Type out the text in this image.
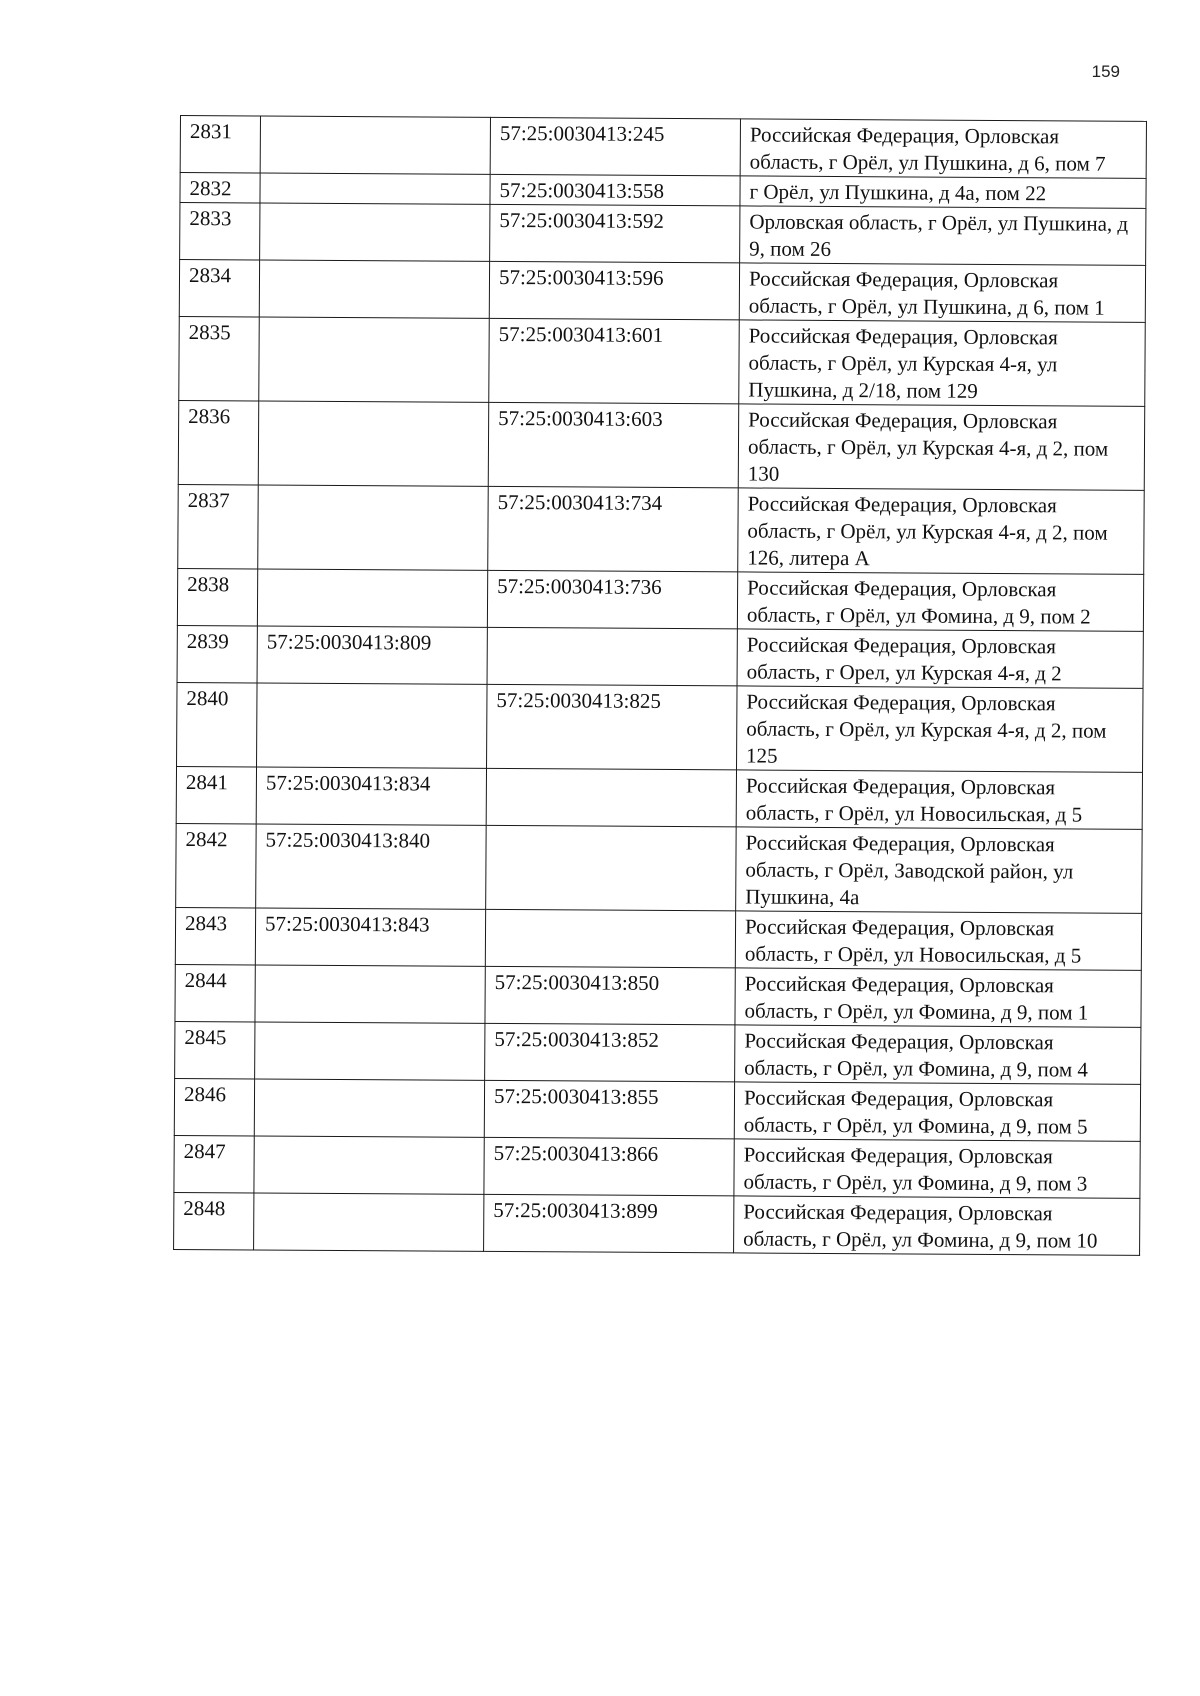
159
2831		57:25:0030413:245	Российская Федерация, Орловская область, г Орёл, ул Пушкина, д 6, пом 7
2832		57:25:0030413:558	г Орёл, ул Пушкина, д 4а, пом 22
2833		57:25:0030413:592	Орловская область, г Орёл, ул Пушкина, д 9, пом 26
2834		57:25:0030413:596	Российская Федерация, Орловская область, г Орёл, ул Пушкина, д 6, пом 1
2835		57:25:0030413:601	Российская Федерация, Орловская область, г Орёл, ул Курская 4-я, ул Пушкина, д 2/18, пом 129
2836		57:25:0030413:603	Российская Федерация, Орловская область, г Орёл, ул Курская 4-я, д 2, пом 130
2837		57:25:0030413:734	Российская Федерация, Орловская область, г Орёл, ул Курская 4-я, д 2, пом 126, литера А
2838		57:25:0030413:736	Российская Федерация, Орловская область, г Орёл, ул Фомина, д 9, пом 2
2839	57:25:0030413:809		Российская Федерация, Орловская область, г Орел, ул Курская 4-я, д 2
2840		57:25:0030413:825	Российская Федерация, Орловская область, г Орёл, ул Курская 4-я, д 2, пом 125
2841	57:25:0030413:834		Российская Федерация, Орловская область, г Орёл, ул Новосильская, д 5
2842	57:25:0030413:840		Российская Федерация, Орловская область, г Орёл, Заводской район, ул Пушкина, 4а
2843	57:25:0030413:843		Российская Федерация, Орловская область, г Орёл, ул Новосильская, д 5
2844		57:25:0030413:850	Российская Федерация, Орловская область, г Орёл, ул Фомина, д 9, пом 1
2845		57:25:0030413:852	Российская Федерация, Орловская область, г Орёл, ул Фомина, д 9, пом 4
2846		57:25:0030413:855	Российская Федерация, Орловская область, г Орёл, ул Фомина, д 9, пом 5
2847		57:25:0030413:866	Российская Федерация, Орловская область, г Орёл, ул Фомина, д 9, пом 3
2848		57:25:0030413:899	Российская Федерация, Орловская область, г Орёл, ул Фомина, д 9, пом 10
